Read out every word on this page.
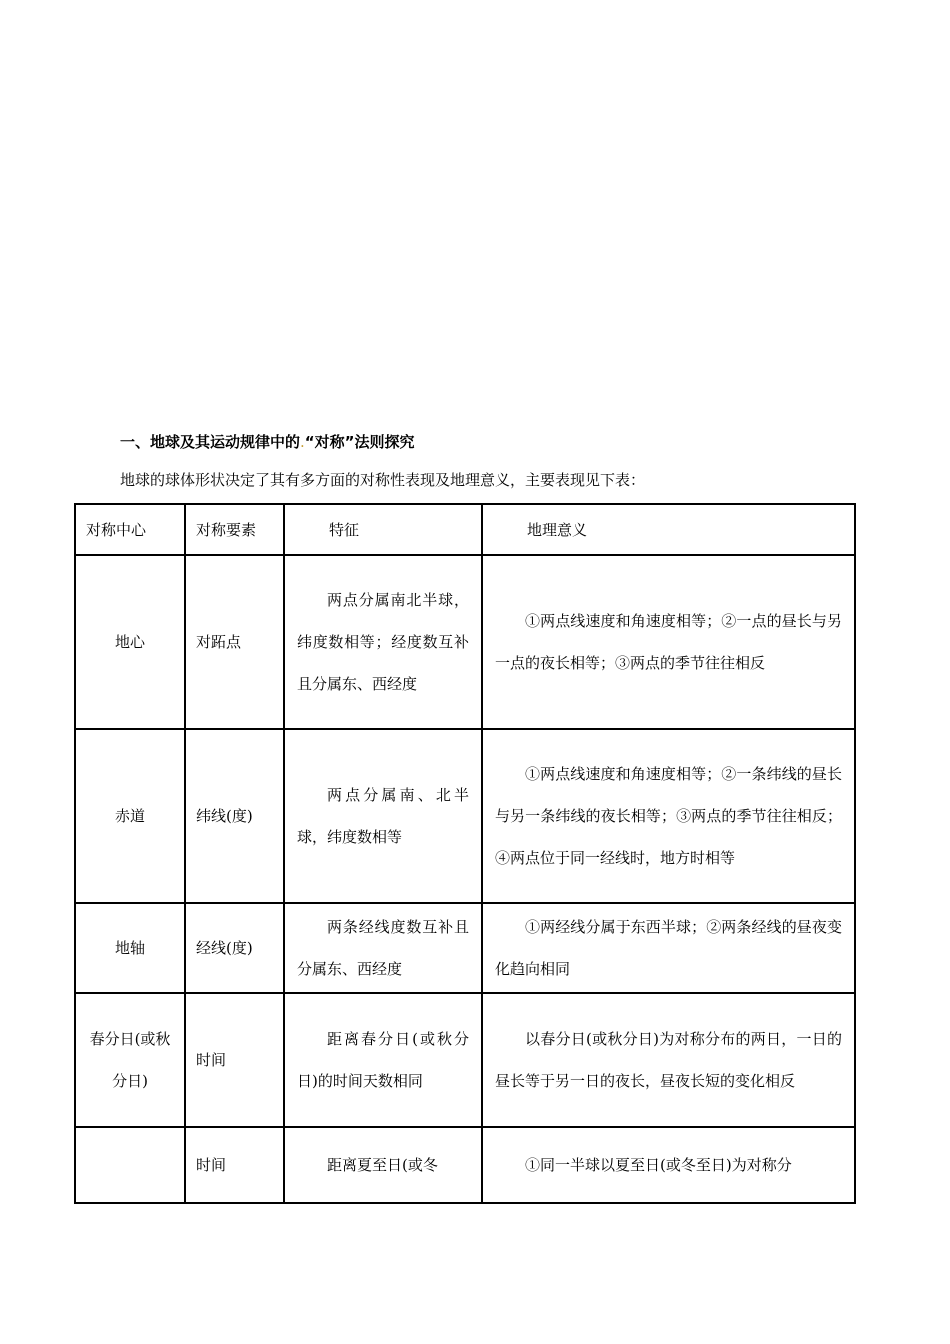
一、地球及其运动规律中的.“对称”法则探究
地球的球体形状决定了其有多方面的对称性表现及地理意义，主要表现见下表：
对称中心	对称要素	特征	地理意义

地心	对跖点	两点分属南北半球，纬度数相等；经度数互补且分属东、西经度	①两点线速度和角速度相等；②一点的昼长与另一点的夜长相等；③两点的季节往往相反

赤道	纬线(度)	两点分属南、北半球，纬度数相等	①两点线速度和角速度相等；②一条纬线的昼长与另一条纬线的夜长相等；③两点的季节往往相反；④两点位于同一经线时，地方时相等

地轴	经线(度)	两条经线度数互补且分属东、西经度	①两经线分属于东西半球；②两条经线的昼夜变化趋向相同

春分日(或秋分日)	时间	距离春分日(或秋分日)的时间天数相同	以春分日(或秋分日)为对称分布的两日，一日的昼长等于另一日的夜长，昼夜长短的变化相反

	时间	距离夏至日(或冬	①同一半球以夏至日(或冬至日)为对称分
